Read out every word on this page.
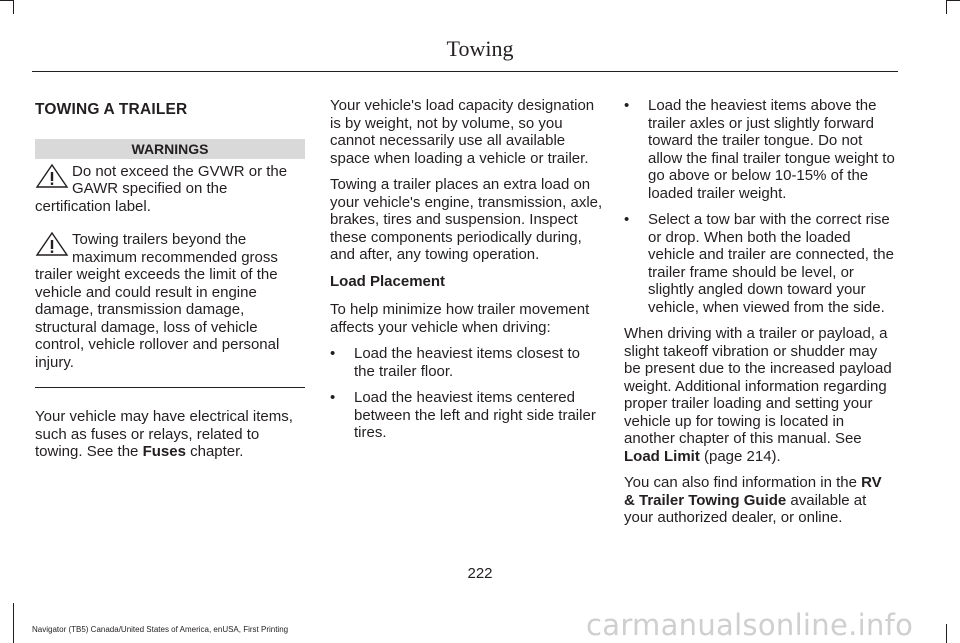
Towing
TOWING A TRAILER
WARNINGS
Do not exceed the GVWR or the GAWR specified on the certification label.
Towing trailers beyond the maximum recommended gross trailer weight exceeds the limit of the vehicle and could result in engine damage, transmission damage, structural damage, loss of vehicle control, vehicle rollover and personal injury.

Your vehicle may have electrical items, such as fuses or relays, related to towing. See the Fuses chapter.

Your vehicle's load capacity designation is by weight, not by volume, so you cannot necessarily use all available space when loading a vehicle or trailer.

Towing a trailer places an extra load on your vehicle's engine, transmission, axle, brakes, tires and suspension. Inspect these components periodically during, and after, any towing operation.

Load Placement

To help minimize how trailer movement affects your vehicle when driving:

• Load the heaviest items closest to the trailer floor.
• Load the heaviest items centered between the left and right side trailer tires.
• Load the heaviest items above the trailer axles or just slightly forward toward the trailer tongue. Do not allow the final trailer tongue weight to go above or below 10-15% of the loaded trailer weight.
• Select a tow bar with the correct rise or drop. When both the loaded vehicle and trailer are connected, the trailer frame should be level, or slightly angled down toward your vehicle, when viewed from the side.

When driving with a trailer or payload, a slight takeoff vibration or shudder may be present due to the increased payload weight. Additional information regarding proper trailer loading and setting your vehicle up for towing is located in another chapter of this manual. See Load Limit (page 214).

You can also find information in the RV & Trailer Towing Guide available at your authorized dealer, or online.

222
Navigator (TB5) Canada/United States of America, enUSA, First Printing	carmanualsonline.info
